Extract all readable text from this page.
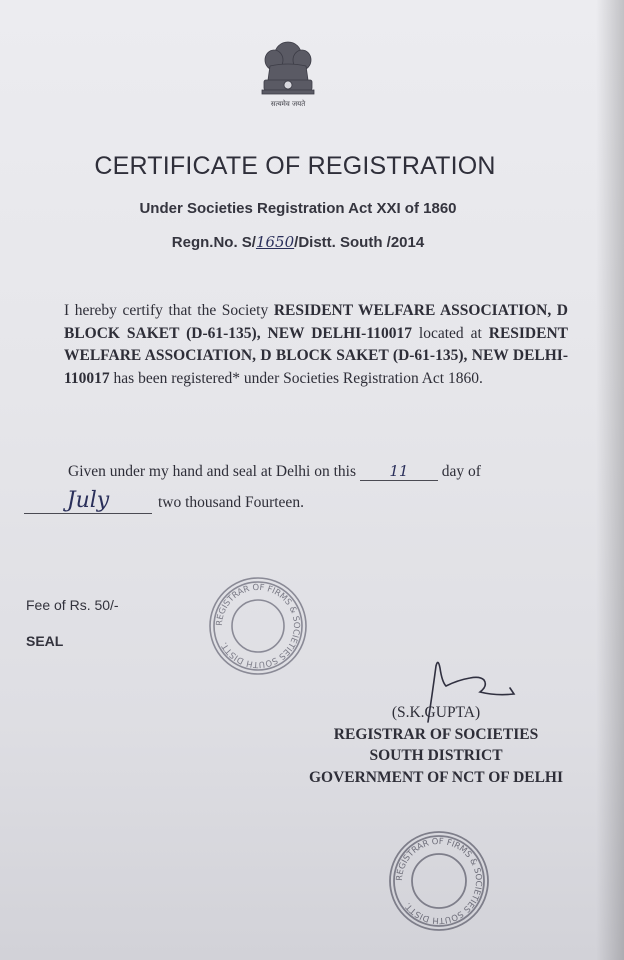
सत्यमेव जयते
CERTIFICATE OF REGISTRATION
Under Societies Registration Act XXI of 1860
Regn.No. S/1650/Distt. South /2014
I hereby certify that the Society RESIDENT WELFARE ASSOCIATION, D BLOCK SAKET (D-61-135), NEW DELHI-110017 located at RESIDENT WELFARE ASSOCIATION, D BLOCK SAKET (D-61-135), NEW DELHI-110017 has been registered* under Societies Registration Act 1860.
Given under my hand and seal at Delhi on this 11 day of
July	two thousand Fourteen.
Fee of Rs. 50/-
SEAL
REGISTRAR OF FIRMS & SOCIETIES SOUTH DISTT.
(S.K.GUPTA)
REGISTRAR OF SOCIETIES
SOUTH DISTRICT
GOVERNMENT OF NCT OF DELHI
REGISTRAR OF FIRMS & SOCIETIES SOUTH DISTT.
